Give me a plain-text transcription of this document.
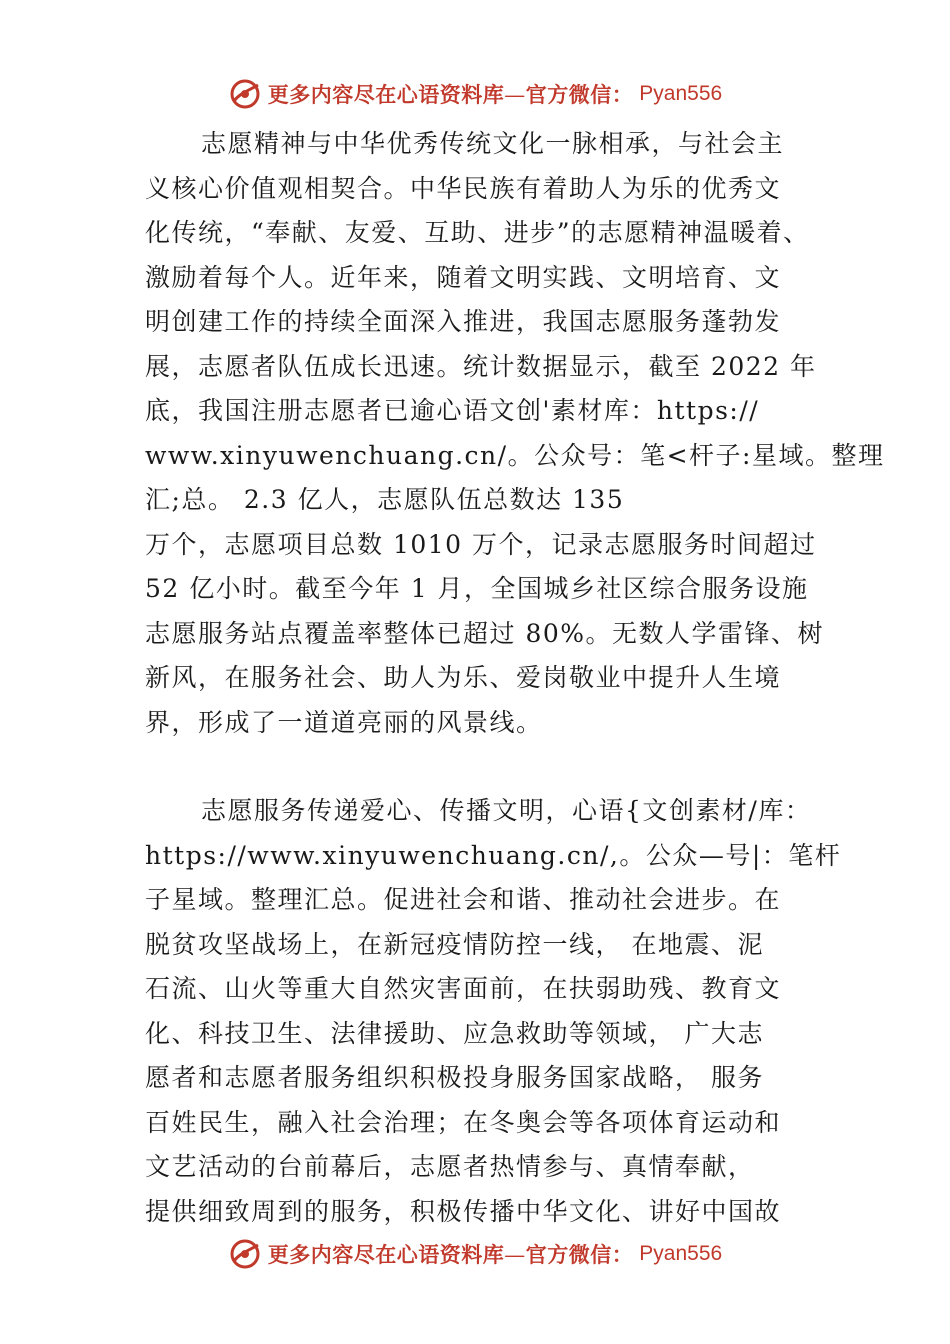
更多内容尽在心语资料库—官方微信： Pyan556
志愿精神与中华优秀传统文化一脉相承，与社会主
义核心价值观相契合。中华民族有着助人为乐的优秀文
化传统，“奉献、友爱、互助、进步”的志愿精神温暖着、
激励着每个人。近年来，随着文明实践、文明培育、文
明创建工作的持续全面深入推进，我国志愿服务蓬勃发
展，志愿者队伍成长迅速。统计数据显示，截至 2022 年
底，我国注册志愿者已逾心语文创'素材库：https://
www.xinyuwenchuang.cn/。公众号：笔<杆子:星域。整理
汇;总。 2.3 亿人，志愿队伍总数达 135
万个，志愿项目总数 1010 万个，记录志愿服务时间超过
52 亿小时。截至今年 1 月，全国城乡社区综合服务设施
志愿服务站点覆盖率整体已超过 80%。无数人学雷锋、树
新风，在服务社会、助人为乐、爱岗敬业中提升人生境
界，形成了一道道亮丽的风景线。
志愿服务传递爱心、传播文明，心语{文创素材/库：
https://www.xinyuwenchuang.cn/,。公众—号|：笔杆
子星域。整理汇总。促进社会和谐、推动社会进步。在
脱贫攻坚战场上，在新冠疫情防控一线， 在地震、泥
石流、山火等重大自然灾害面前，在扶弱助残、教育文
化、科技卫生、法律援助、应急救助等领域， 广大志
愿者和志愿者服务组织积极投身服务国家战略， 服务
百姓民生，融入社会治理；在冬奥会等各项体育运动和
文艺活动的台前幕后，志愿者热情参与、真情奉献，
提供细致周到的服务，积极传播中华文化、讲好中国故
更多内容尽在心语资料库—官方微信： Pyan556
